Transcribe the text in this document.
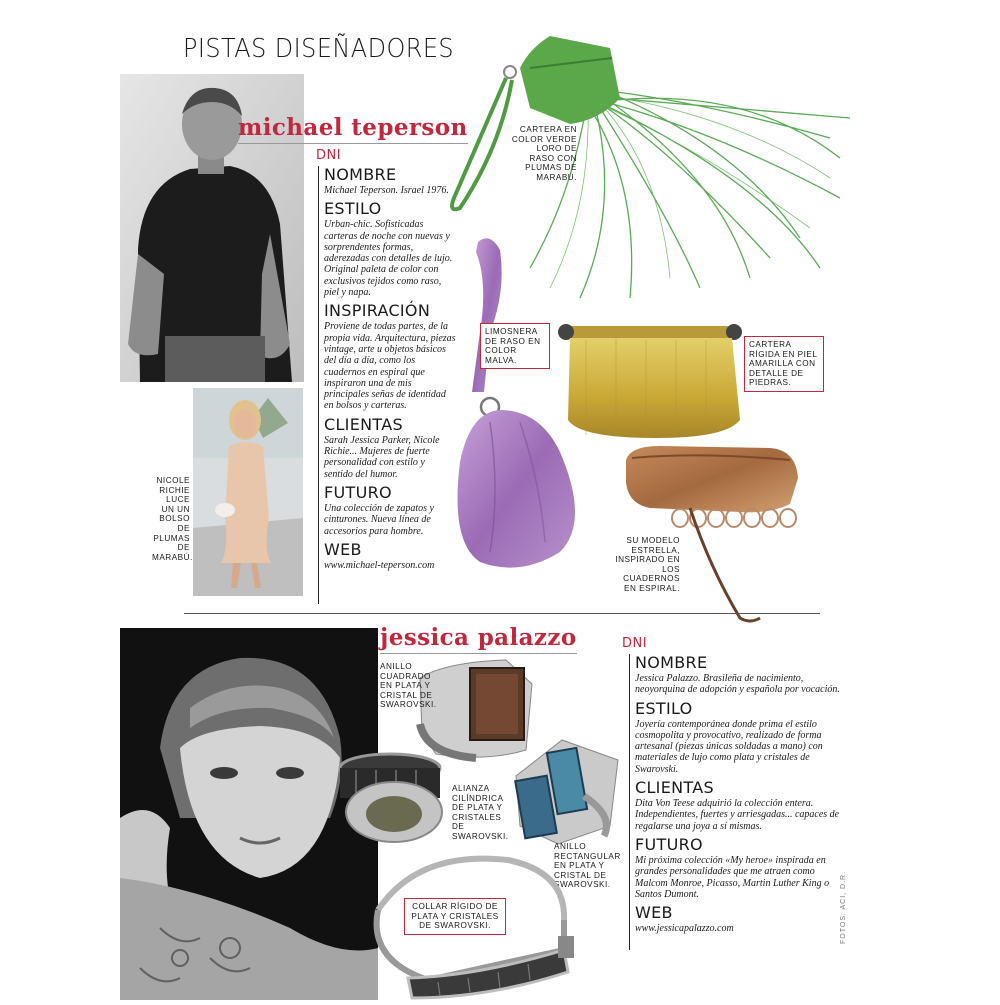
PISTAS DISEÑADORES
michael teperson
DNI
NOMBRE

Michael Teperson. Israel 1976.

ESTILO

Urban-chic. Sofisticadas carteras de noche con nuevas y sorprendentes formas, aderezadas con detalles de lujo. Original paleta de color con exclusivos tejidos como raso, piel y napa.

INSPIRACIÓN

Proviene de todas partes, de la propia vida. Arquitectura, piezas vintage, arte u objetos básicos del día a día, como los cuadernos en espiral que inspiraron una de mis principales señas de identidad en bolsos y carteras.

CLIENTAS

Sarah Jessica Parker, Nicole Richie... Mujeres de fuerte personalidad con estilo y sentido del humor.

FUTURO

Una colección de zapatos y cinturones. Nueva línea de accesorios para hombre.

WEB

www.michael-teperson.com

NICOLE RICHIE LUCE UN UN BOLSO DE PLUMAS DE MARABÚ.
CARTERA EN COLOR VERDE LORO DE RASO CON PLUMAS DE MARABÚ.
LIMOSNERA DE RASO EN COLOR MALVA.
CARTERA RÍGIDA EN PIEL AMARILLA CON DETALLE DE PIEDRAS.
SU MODELO ESTRELLA, INSPIRADO EN LOS CUADERNOS EN ESPIRAL.
jessica palazzo	DNI
NOMBRE

Jessica Palazzo. Brasileña de nacimiento, neoyorquina de adopción y española por vocación.

ESTILO

Joyería contemporánea donde prima el estilo cosmopolita y provocativo, realizado de forma artesanal (piezas únicas soldadas a mano) con materiales de lujo como plata y cristales de Swarovski.

CLIENTAS

Dita Von Teese adquirió la colección entera. Independientes, fuertes y arriesgadas... capaces de regalarse una joya a sí mismas.

FUTURO

Mi próxima colección «My heroe» inspirada en grandes personalidades que me atraen como Malcom Monroe, Picasso, Martin Luther King o Santos Dumont.

WEB

www.jessicapalazzo.com

ANILLO CUADRADO EN PLATA Y CRISTAL DE SWAROVSKI.
ALIANZA CILÍNDRICA DE PLATA Y CRISTALES DE SWAROVSKI.
ANILLO RECTANGULAR EN PLATA Y CRISTAL DE SWAROVSKI.
COLLAR RÍGIDO DE PLATA Y CRISTALES DE SWAROVSKI.	FOTOS: ACI, D.R.
